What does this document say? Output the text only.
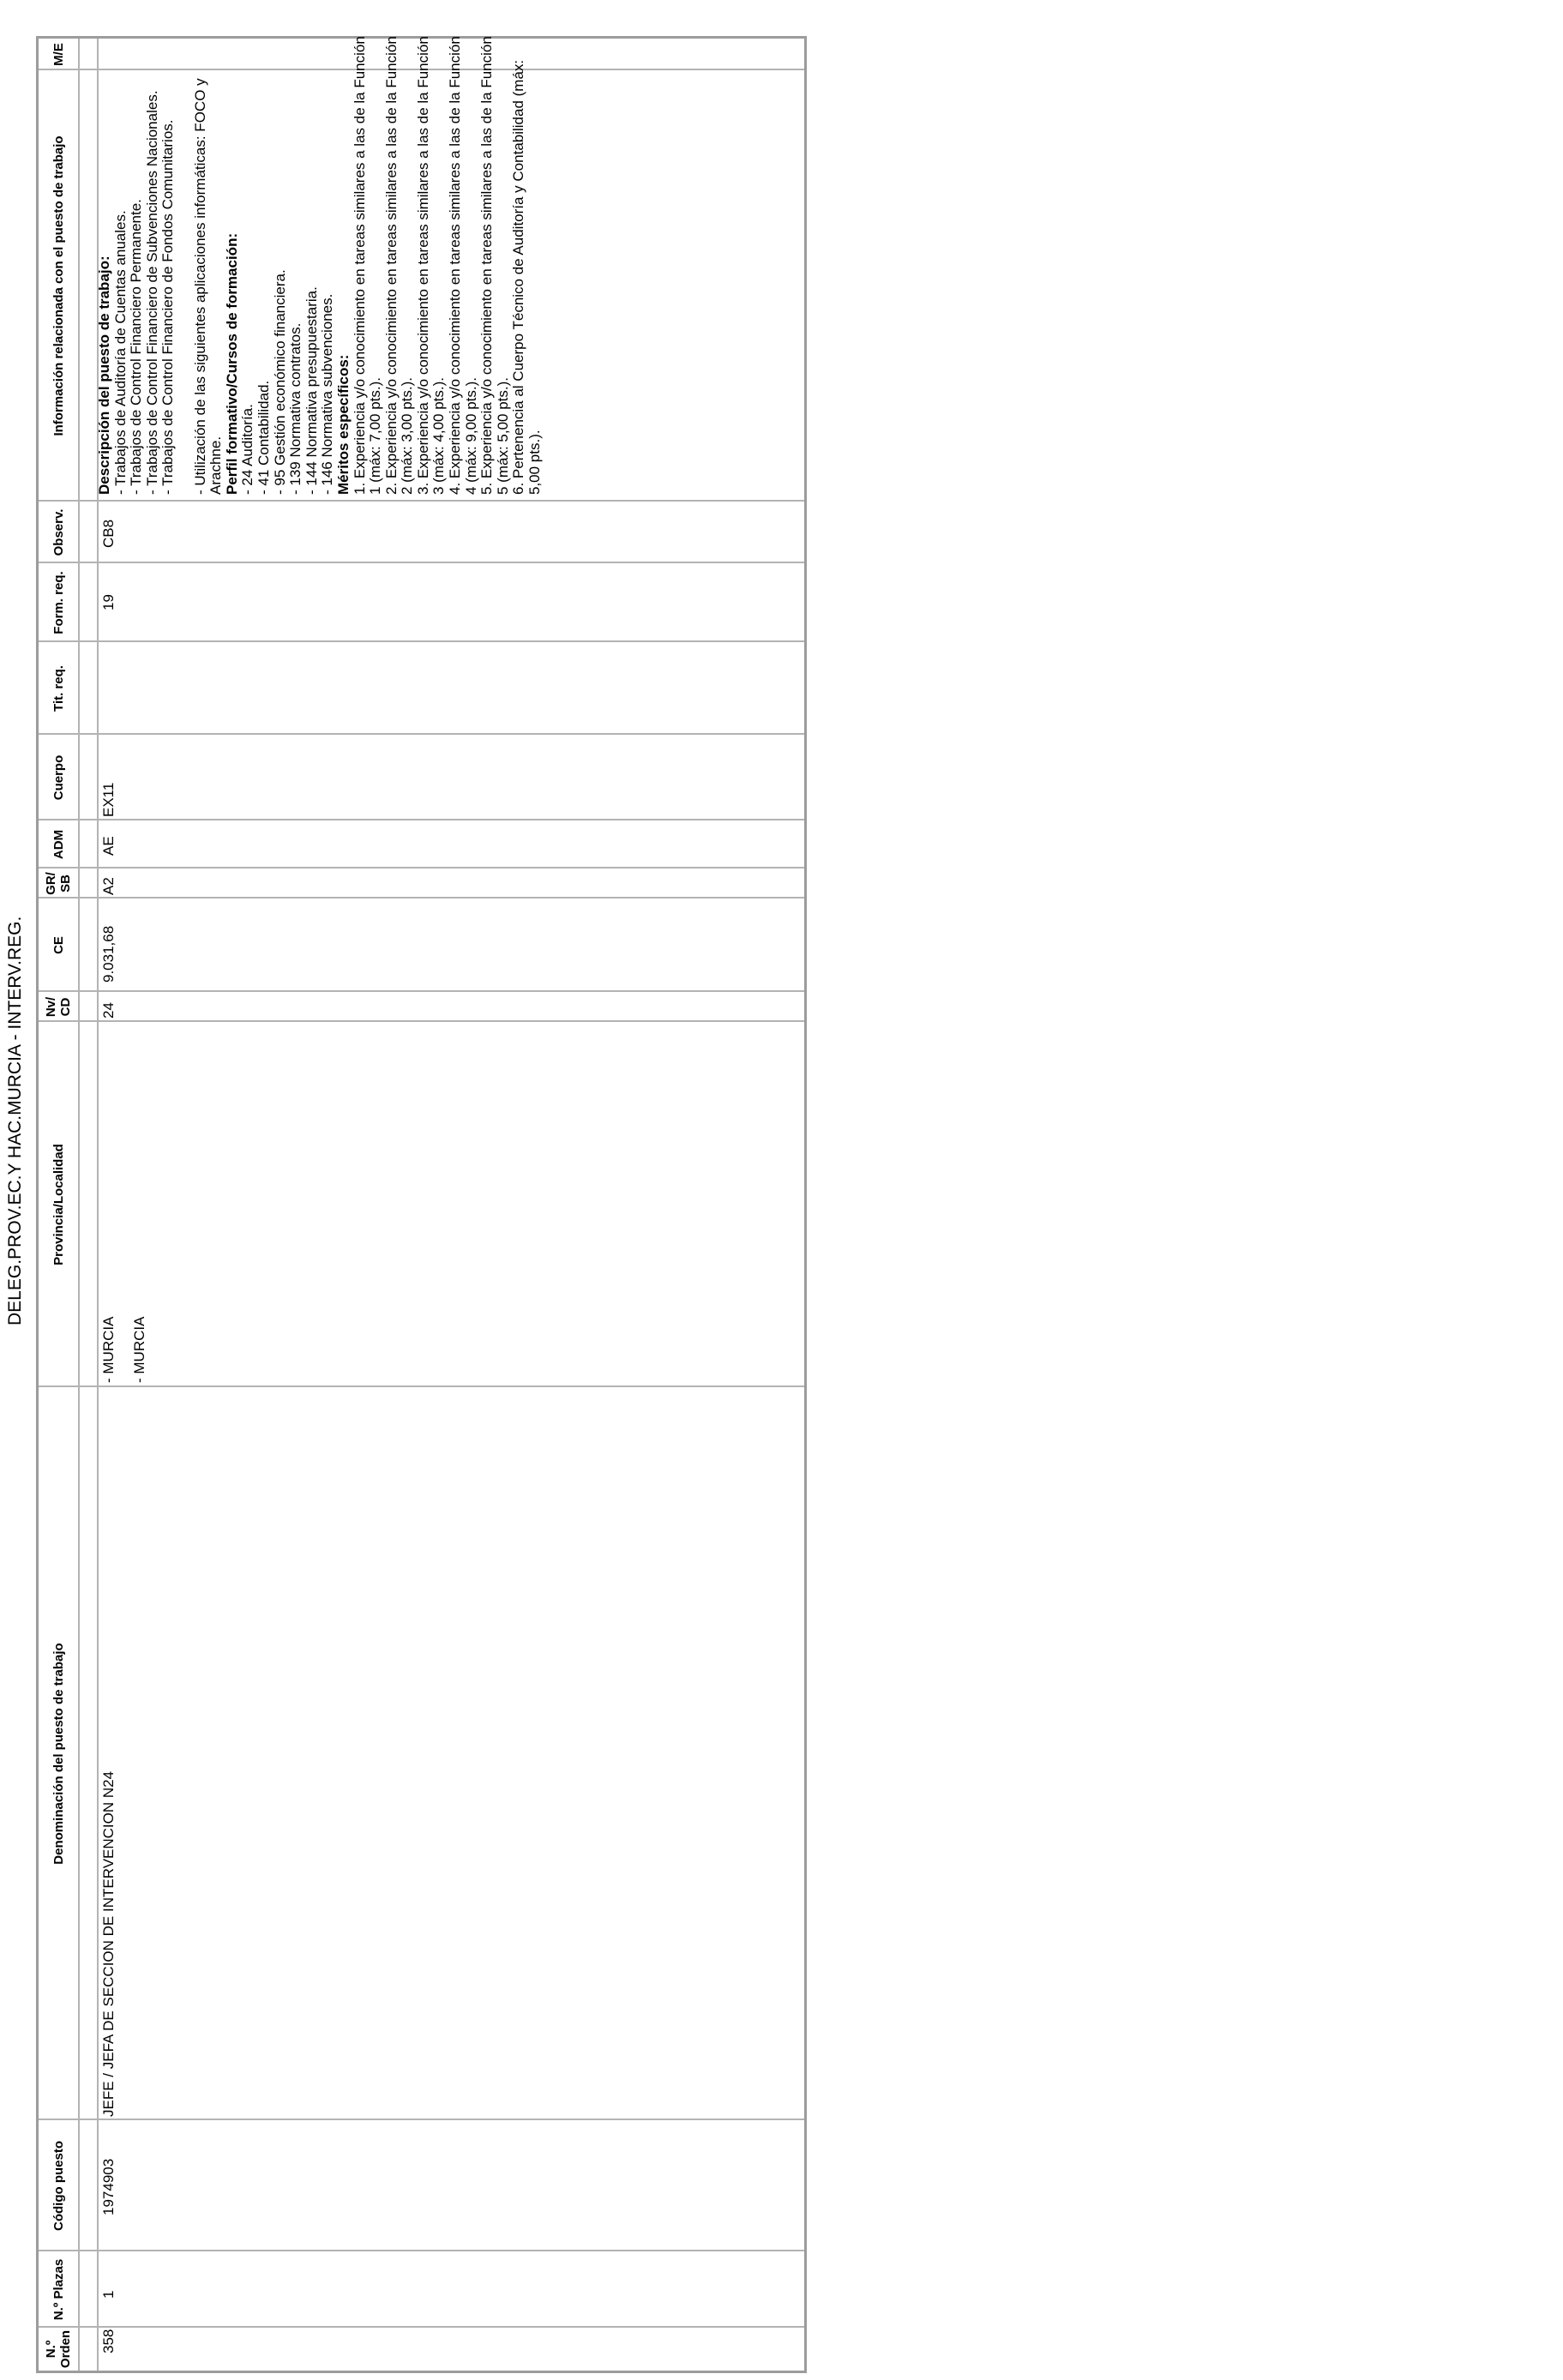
DELEG.PROV.EC.Y HAC.MURCIA - INTERV.REG.
N.º Orden
N.º Plazas
Código puesto
Denominación del puesto de trabajo
Provincia/Localidad
Nv/ CD
CE
GR/ SB
ADM
Cuerpo
Tit. req.
Form. req.
Observ.
Información relacionada con el puesto de trabajo
M/E
358
1
1974903
JEFE / JEFA DE SECCION DE INTERVENCION N24
- MURCIA - MURCIA
24
9.031,68
A2
AE
EX11
19
CB8

Descripción del puesto de trabajo: - Trabajos de Auditoría de Cuentas anuales. - Trabajos de Control Financiero Permanente. - Trabajos de Control Financiero de Subvenciones Nacionales. - Trabajos de Control Financiero de Fondos Comunitarios. - Utilización de las siguientes aplicaciones informáticas: FOCO y Arachne. Perfil formativo/Cursos de formación: - 24 Auditoría. - 41 Contabilidad. - 95 Gestión económico financiera. - 139 Normativa contratos. - 144 Normativa presupuestaria. - 146 Normativa subvenciones. Méritos específicos: 1. Experiencia y/o conocimiento en tareas similares a las de la Función 1 (máx: 7,00 pts.). 2. Experiencia y/o conocimiento en tareas similares a las de la Función 2 (máx: 3,00 pts.). 3. Experiencia y/o conocimiento en tareas similares a las de la Función 3 (máx: 4,00 pts.). 4. Experiencia y/o conocimiento en tareas similares a las de la Función 4 (máx: 9,00 pts.). 5. Experiencia y/o conocimiento en tareas similares a las de la Función 5 (máx: 5,00 pts.). 6. Pertenencia al Cuerpo Técnico de Auditoría y Contabilidad (máx: 5,00 pts.).
